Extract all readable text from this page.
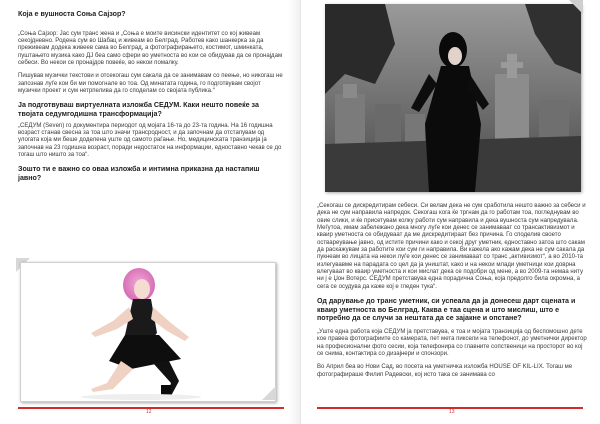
Која е вушноста Соња Сајзор?

„Соња Сајзор: Јас сум транс жена и „Соња е моите висински идентитет со кој живеам секојдневно. Родена сум во Шабац и живеам во Белград. Работев како шанкерка за да преживеам додека живеев сама во Белград, а фотографирањето, костимот, шминката, пуштањето музика како ДЈ беа само сфери во уметноста во кои се обидував да се пронајдам себеси. Во некои се пронајдов повеќе, во некои помалку.

Пишував музички текстови и отсекогаш сум сакала да се занимавам со пеење, но никогаш не запознав луѓе кои би ми помогнале во тоа. Од минатата година, го подготвувам својот музички проект и сум нетрпелива да го споделам со својата публика.“

Ја подготвуваш виртуелната изложба СЕДУМ. Каки нешто повеќе за твојата седумгодишна трансформација?

„СЕДУМ (Seven) го документира периодот од мојата 16-та до 23-та година. На 16 годишна возраст станав свесна за тоа што значи трансродност, и да започнам да отстапувам од улогата која ми беше доделена уште од самото раѓање. Но, медицинската транзиција ја започнав на 23 годишна возраст, поради недостаток на информации, едноставно чекав се до тогаш што ништо за тоа“.

Зошто ти е важно со оваа изложба и интимна приказна да настапиш јавно?
12

„Секогаш се дискредитирам себеси. Си велам дека не сум сработила нешто важно за себеси и дека не сум направила напредок. Секогаш кога ќе тргнам да го работам тоа, погледнувам во овие слики, и ќе присетувам колку работи сум направила и дека вушноста сум напредувала. Меѓутоа, имам забележано дека многу луѓе кои денес се занимаваат со трансактивизмот и кваир уметноста се обидуваат да ме дискредитираат без причина. Го споделив своето оствареување јавно, од истите причини како и секој друг уметник, едноставно затоа што сакам да раскажувам за работите кои сум ги направила. Ви кажела ако кажам дека не сум сакала да пукнеам во лицата на некои луѓе кои денес се занимаваат со транс „активизмот“, а во 2010-та излегувавме на парадата со цел да ја уништат, како и на некои млади уметници кои доврна влегуваат во кваир уметноста и кои мислат дека се подобри од мене, а во 2009-та немаа ниту ни ј е Џон Вотерс. СЕДУМ претставува една порадична Соња, која предолго била окромна, а сега се осудува да каже кој е гледен тука“.

Од дарување до транс уметник, си успеала да ја донесеш дарт сцената и кваир уметноста во Белград. Каква е таа сцена и што мислиш, што е потребно да се случи за нештата да се зајакне и опстане?

„Уште една работа која СЕДУМ ја претставува, е тоа и мојата транзиција од беспомошно дете кое правеа фотографиите со камерата, пет мета пиксели на телефонот, до уметнички директор на професионални фото сесии, која телефонира со главните сопственици на просторот во кој се снима, контактира со дизајнери и спонзори.

Во Април беа во Нови Сад, во посета на уметничка изложба HOUSE OF KIL-LIX. Тогаш ме фотографираше Филип Радевски, кој исто така се занимава со

13
